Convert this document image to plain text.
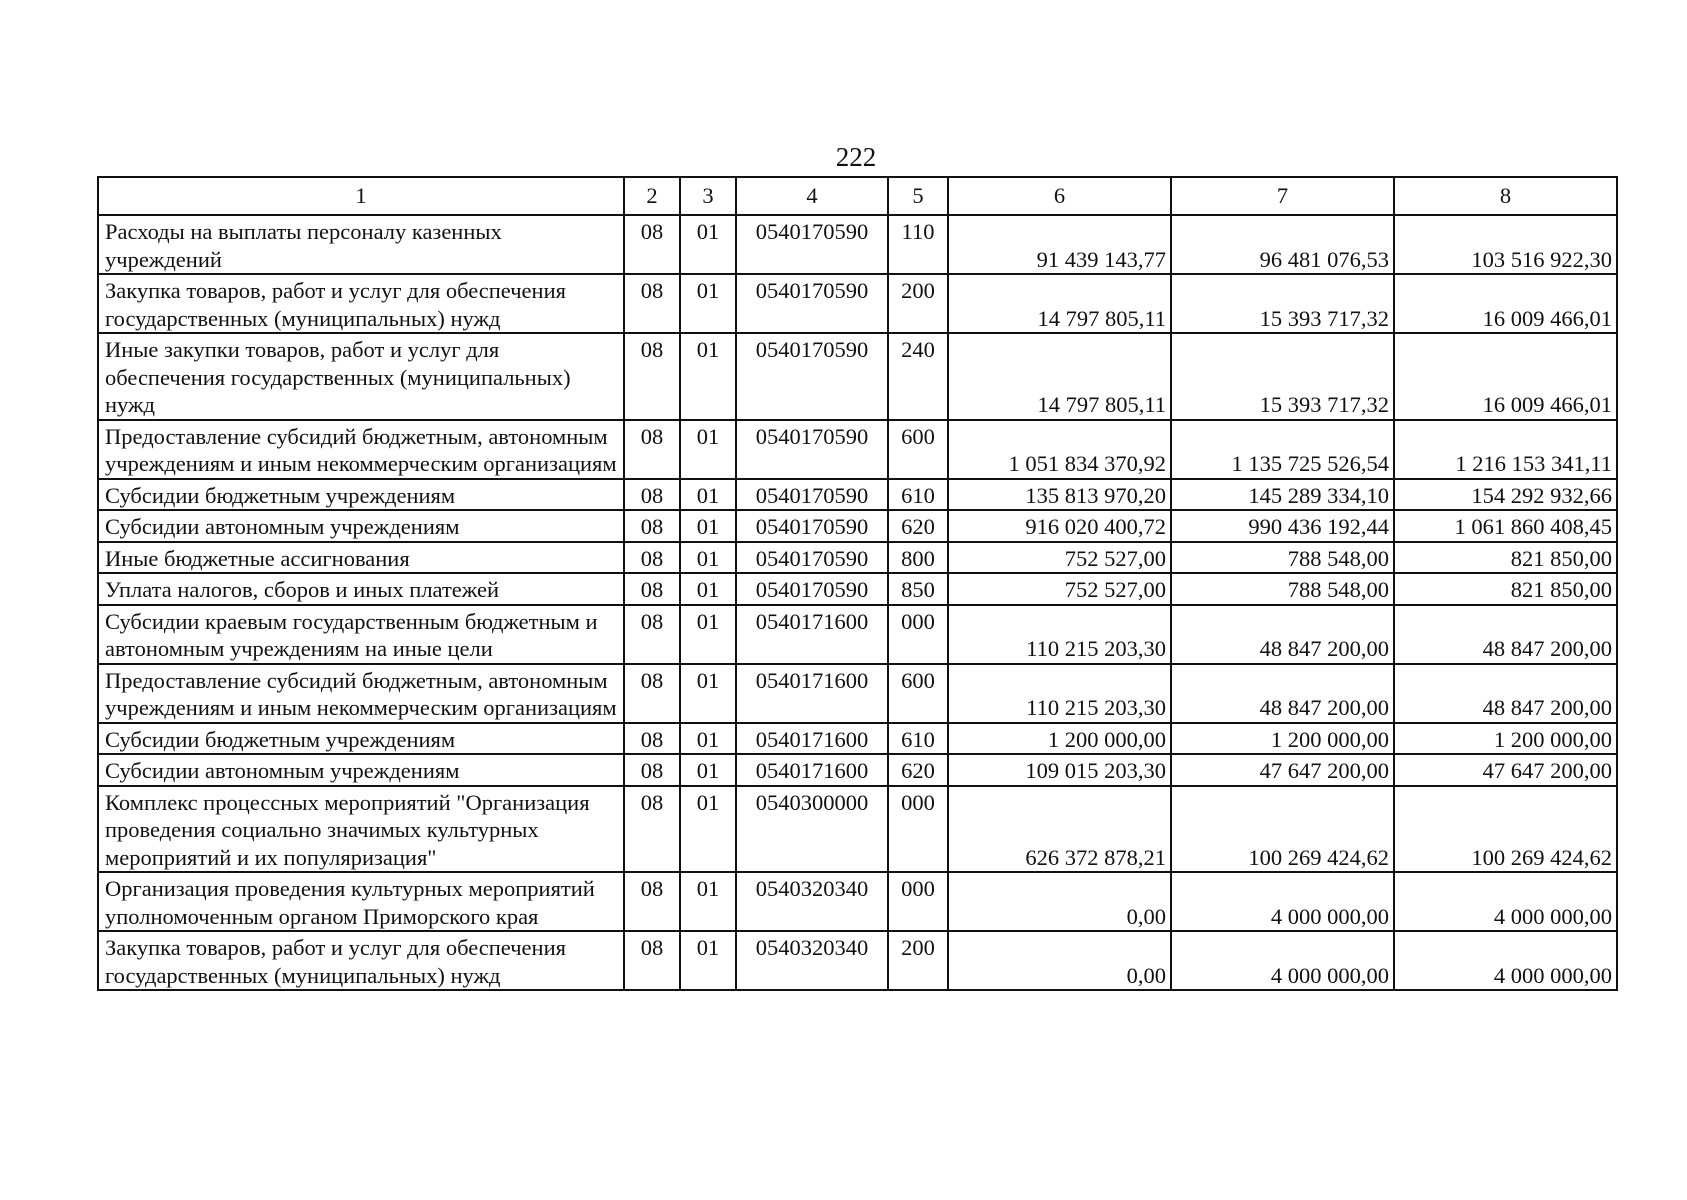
222
1	2	3	4	5	6	7	8
Расходы на выплаты персоналу казенных учреждений	08	01	0540170590	110	91 439 143,77	96 481 076,53	103 516 922,30
Закупка товаров, работ и услуг для обеспечения государственных (муниципальных) нужд	08	01	0540170590	200	14 797 805,11	15 393 717,32	16 009 466,01
Иные закупки товаров, работ и услуг для обеспечения государственных (муниципальных) нужд	08	01	0540170590	240	14 797 805,11	15 393 717,32	16 009 466,01
Предоставление субсидий бюджетным, автономным учреждениям и иным некоммерческим организациям	08	01	0540170590	600	1 051 834 370,92	1 135 725 526,54	1 216 153 341,11
Субсидии бюджетным учреждениям	08	01	0540170590	610	135 813 970,20	145 289 334,10	154 292 932,66
Субсидии автономным учреждениям	08	01	0540170590	620	916 020 400,72	990 436 192,44	1 061 860 408,45
Иные бюджетные ассигнования	08	01	0540170590	800	752 527,00	788 548,00	821 850,00
Уплата налогов, сборов и иных платежей	08	01	0540170590	850	752 527,00	788 548,00	821 850,00
Субсидии краевым государственным бюджетным и автономным учреждениям на иные цели	08	01	0540171600	000	110 215 203,30	48 847 200,00	48 847 200,00
Предоставление субсидий бюджетным, автономным учреждениям и иным некоммерческим организациям	08	01	0540171600	600	110 215 203,30	48 847 200,00	48 847 200,00
Субсидии бюджетным учреждениям	08	01	0540171600	610	1 200 000,00	1 200 000,00	1 200 000,00
Субсидии автономным учреждениям	08	01	0540171600	620	109 015 203,30	47 647 200,00	47 647 200,00
Комплекс процессных мероприятий "Организация проведения социально значимых культурных мероприятий и их популяризация"	08	01	0540300000	000	626 372 878,21	100 269 424,62	100 269 424,62
Организация проведения культурных мероприятий уполномоченным органом Приморского края	08	01	0540320340	000	0,00	4 000 000,00	4 000 000,00
Закупка товаров, работ и услуг для обеспечения государственных (муниципальных) нужд	08	01	0540320340	200	0,00	4 000 000,00	4 000 000,00
